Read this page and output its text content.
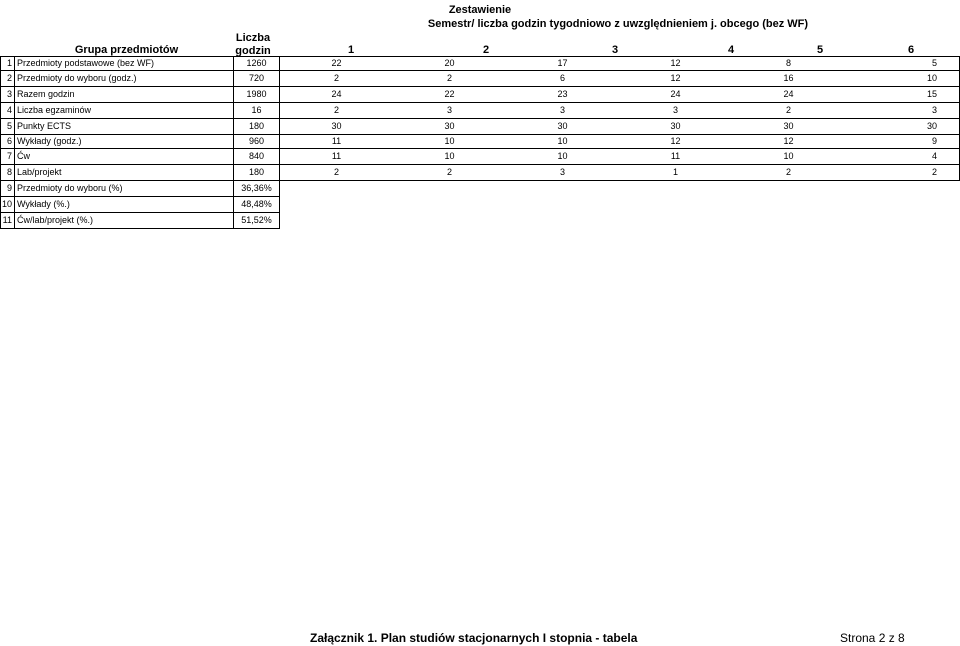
Zestawienie
Semestr/ liczba godzin tygodniowo z uwzględnieniem j. obcego (bez WF)
Grupa przedmiotów
Liczba godzin	1	2	3	4	5	6
1	Przedmioty podstawowe (bez WF)	1260	22	20	17	12	8	5
2	Przedmioty do wyboru (godz.)	720	2	2	6	12	16	10
3	Razem godzin	1980	24	22	23	24	24	15
4	Liczba egzaminów	16	2	3	3	3	2	3
5	Punkty ECTS	180	30	30	30	30	30	30
6	Wykłady (godz.)	960	11	10	10	12	12	9
7	Ćw	840	11	10	10	11	10	4
8	Lab/projekt	180	2	2	3	1	2	2
9	Przedmioty do wyboru (%)	36,36%						
10	Wykłady (%.)	48,48%						
11	Ćw/lab/projekt (%.)	51,52%						
Załącznik 1. Plan studiów stacjonarnych I stopnia - tabela	Strona 2 z 8
